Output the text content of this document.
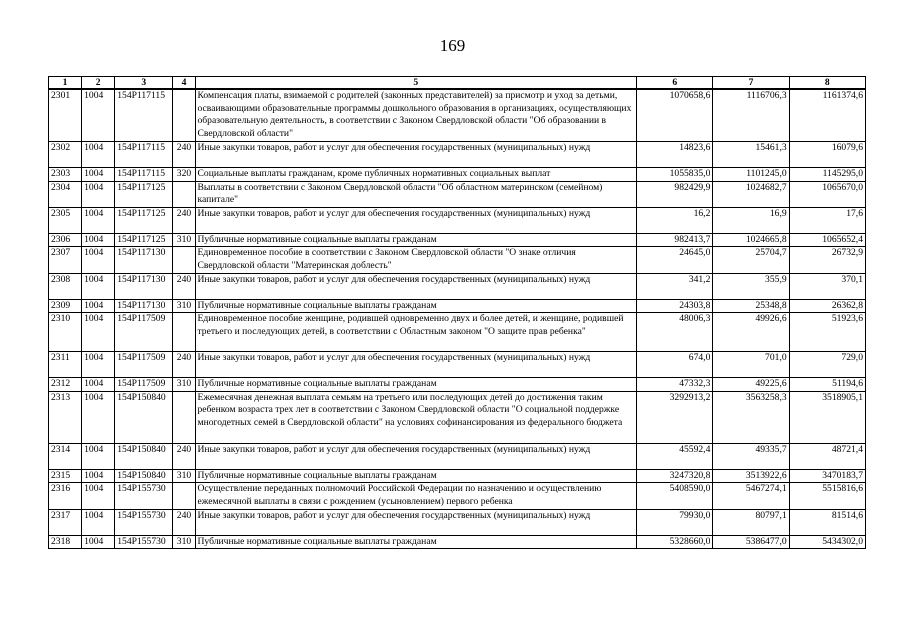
169
1	2	3	4	5	6	7	8
2301	1004	154P117115		Компенсация платы, взимаемой с родителей (законных представителей) за присмотр и уход за детьми, осваивающими образовательные программы дошкольного образования в организациях, осуществляющих образовательную деятельность, в соответствии с Законом Свердловской области "Об образовании в Свердловской области"	1070658,6	1116706,3	1161374,6
2302	1004	154P117115	240	Иные закупки товаров, работ и услуг для обеспечения государственных (муниципальных) нужд	14823,6	15461,3	16079,6
2303	1004	154P117115	320	Социальные выплаты гражданам, кроме публичных нормативных социальных выплат	1055835,0	1101245,0	1145295,0
2304	1004	154P117125		Выплаты в соответствии с Законом Свердловской области "Об областном материнском (семейном) капитале"	982429,9	1024682,7	1065670,0
2305	1004	154P117125	240	Иные закупки товаров, работ и услуг для обеспечения государственных (муниципальных) нужд	16,2	16,9	17,6
2306	1004	154P117125	310	Публичные нормативные социальные выплаты гражданам	982413,7	1024665,8	1065652,4
2307	1004	154P117130		Единовременное пособие в соответствии с Законом Свердловской области "О знаке отличия Свердловской области "Материнская доблесть"	24645,0	25704,7	26732,9
2308	1004	154P117130	240	Иные закупки товаров, работ и услуг для обеспечения государственных (муниципальных) нужд	341,2	355,9	370,1
2309	1004	154P117130	310	Публичные нормативные социальные выплаты гражданам	24303,8	25348,8	26362,8
2310	1004	154P117509		Единовременное пособие женщине, родившей одновременно двух и более детей, и женщине, родившей третьего и последующих детей, в соответствии с Областным законом "О защите прав ребенка"	48006,3	49926,6	51923,6
2311	1004	154P117509	240	Иные закупки товаров, работ и услуг для обеспечения государственных (муниципальных) нужд	674,0	701,0	729,0
2312	1004	154P117509	310	Публичные нормативные социальные выплаты гражданам	47332,3	49225,6	51194,6
2313	1004	154P150840		Ежемесячная денежная выплата семьям на третьего или последующих детей до достижения таким ребенком возраста трех лет в соответствии с Законом Свердловской области "О социальной поддержке многодетных семей в Свердловской области" на условиях софинансирования из федерального бюджета	3292913,2	3563258,3	3518905,1
2314	1004	154P150840	240	Иные закупки товаров, работ и услуг для обеспечения государственных (муниципальных) нужд	45592,4	49335,7	48721,4
2315	1004	154P150840	310	Публичные нормативные социальные выплаты гражданам	3247320,8	3513922,6	3470183,7
2316	1004	154P155730		Осуществление переданных полномочий Российской Федерации по назначению и осуществлению ежемесячной выплаты в связи с рождением (усыновлением) первого ребенка	5408590,0	5467274,1	5515816,6
2317	1004	154P155730	240	Иные закупки товаров, работ и услуг для обеспечения государственных (муниципальных) нужд	79930,0	80797,1	81514,6
2318	1004	154P155730	310	Публичные нормативные социальные выплаты гражданам	5328660,0	5386477,0	5434302,0
